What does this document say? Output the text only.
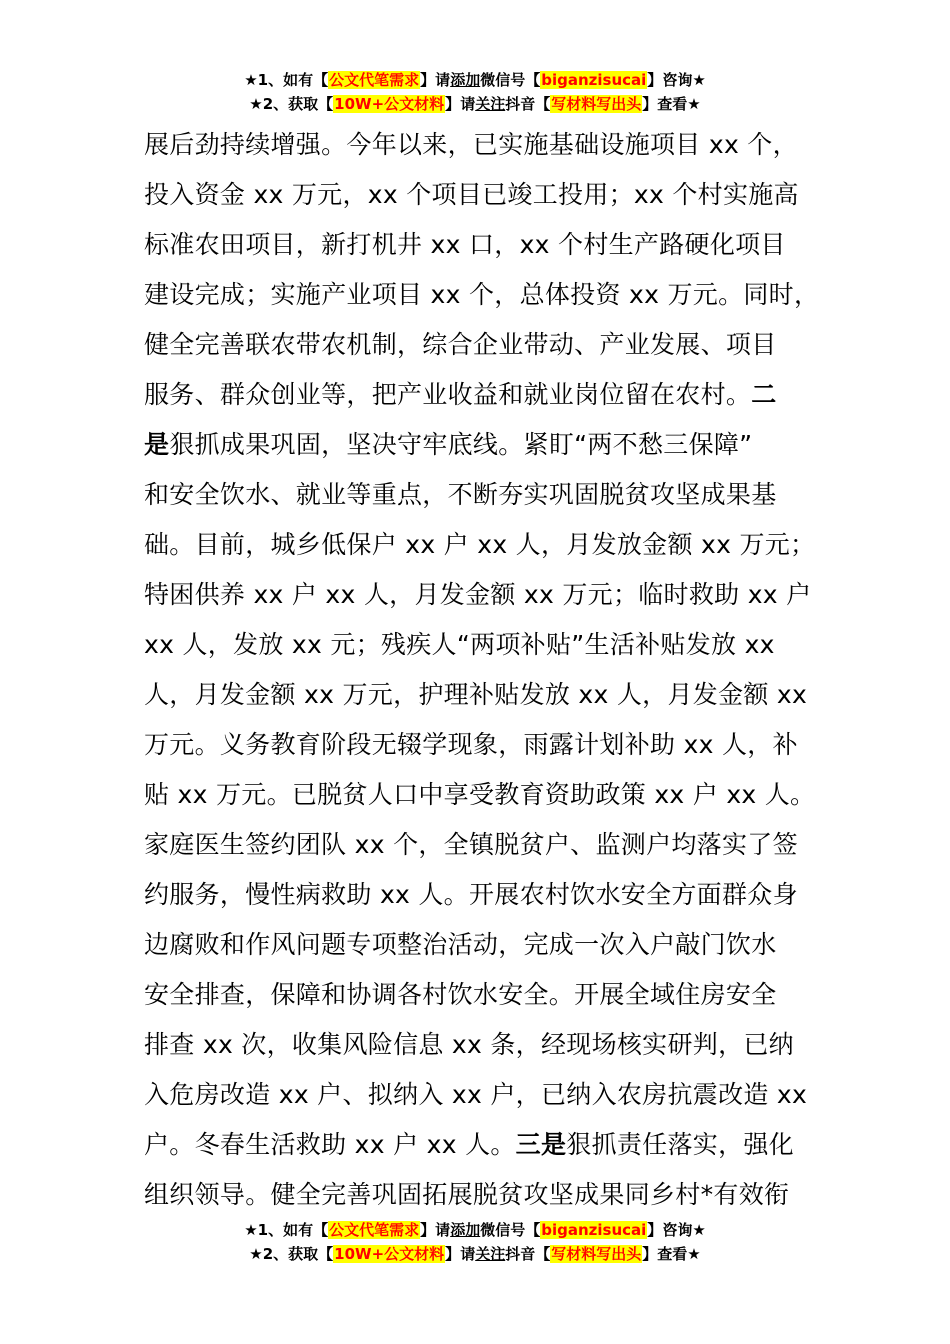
★1、如有【公文代笔需求】请添加微信号【biganzisucai】咨询★
★2、获取【10W+公文材料】请关注抖音【写材料写出头】查看★
展后劲持续增强。今年以来，已实施基础设施项目 xx 个，
投入资金 xx 万元，xx 个项目已竣工投用；xx 个村实施高
标准农田项目，新打机井 xx 口，xx 个村生产路硬化项目
建设完成；实施产业项目 xx 个，总体投资 xx 万元。同时，
健全完善联农带农机制，综合企业带动、产业发展、项目
服务、群众创业等，把产业收益和就业岗位留在农村。二
是狠抓成果巩固，坚决守牢底线。紧盯“两不愁三保障”
和安全饮水、就业等重点，不断夯实巩固脱贫攻坚成果基
础。目前，城乡低保户 xx 户 xx 人，月发放金额 xx 万元；
特困供养 xx 户 xx 人，月发金额 xx 万元；临时救助 xx 户
xx 人，发放 xx 元；残疾人“两项补贴”生活补贴发放 xx
人，月发金额 xx 万元，护理补贴发放 xx 人，月发金额 xx
万元。义务教育阶段无辍学现象，雨露计划补助 xx 人，补
贴 xx 万元。已脱贫人口中享受教育资助政策 xx 户 xx 人。
家庭医生签约团队 xx 个，全镇脱贫户、监测户均落实了签
约服务，慢性病救助 xx 人。开展农村饮水安全方面群众身
边腐败和作风问题专项整治活动，完成一次入户敲门饮水
安全排查，保障和协调各村饮水安全。开展全域住房安全
排查 xx 次，收集风险信息 xx 条，经现场核实研判，已纳
入危房改造 xx 户、拟纳入 xx 户，已纳入农房抗震改造 xx
户。冬春生活救助 xx 户 xx 人。三是狠抓责任落实，强化
组织领导。健全完善巩固拓展脱贫攻坚成果同乡村*有效衔
★1、如有【公文代笔需求】请添加微信号【biganzisucai】咨询★
★2、获取【10W+公文材料】请关注抖音【写材料写出头】查看★
